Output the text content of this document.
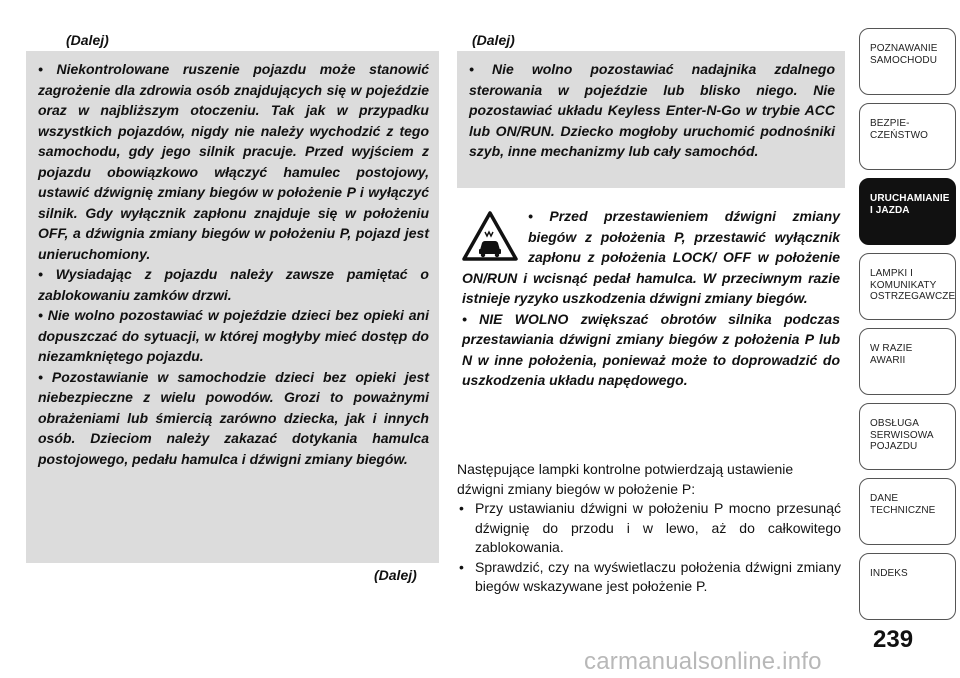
(Dalej)

• Niekontrolowane ruszenie pojazdu może stanowić zagrożenie dla zdrowia osób znajdujących się w pojeździe oraz w najbliższym otoczeniu. Tak jak w przypadku wszystkich pojazdów, nigdy nie należy wychodzić z tego samochodu, gdy jego silnik pracuje. Przed wyjściem z pojazdu obowiązkowo włączyć hamulec postojowy, ustawić dźwignię zmiany biegów w położenie P i wyłączyć silnik. Gdy wyłącznik zapłonu znajduje się w położeniu OFF, a dźwignia zmiany biegów w położeniu P, pojazd jest unieruchomiony.

• Wysiadając z pojazdu należy zawsze pamiętać o zablokowaniu zamków drzwi.

• Nie wolno pozostawiać w pojeździe dzieci bez opieki ani dopuszczać do sytuacji, w której mogłyby mieć dostęp do niezamkniętego pojazdu.

• Pozostawianie w samochodzie dzieci bez opieki jest niebezpieczne z wielu powodów. Grozi to poważnymi obrażeniami lub śmiercią zarówno dziecka, jak i innych osób. Dzieciom należy zakazać dotykania hamulca postojowego, pedału hamulca i dźwigni zmiany biegów.

(Dalej)
(Dalej)

• Nie wolno pozostawiać nadajnika zdalnego sterowania w pojeździe lub blisko niego. Nie pozostawiać układu Keyless Enter-N-Go w trybie ACC lub ON/RUN. Dziecko mogłoby uruchomić podnośniki szyb, inne mechanizmy lub cały samochód.

• Przed przestawieniem dźwigni zmiany biegów z położenia P, przestawić wyłącznik zapłonu z położenia LOCK/ OFF w położenie ON/RUN i wcisnąć pedał hamulca. W przeciwnym razie istnieje ryzyko uszkodzenia dźwigni zmiany biegów.

• NIE WOLNO zwiększać obrotów silnika podczas przestawiania dźwigni zmiany biegów z położenia P lub N w inne położenia, ponieważ może to doprowadzić do uszkodzenia układu napędowego.

Następujące lampki kontrolne potwierdzają ustawienie dźwigni zmiany biegów w położenie P:

• Przy ustawianiu dźwigni w położeniu P mocno przesunąć dźwignię do przodu i w lewo, aż do całkowitego zablokowania.
• Sprawdzić, czy na wyświetlaczu położenia dźwigni zmiany biegów wskazywane jest położenie P.
POZNAWANIE
SAMOCHODU
BEZPIE-
CZEŃSTWO
URUCHAMIANIE
I JAZDA
LAMPKI I
KOMUNIKATY
OSTRZEGAWCZE
W RAZIE
AWARII
OBSŁUGA
SERWISOWA
POJAZDU
DANE
TECHNICZNE
INDEKS
239
carmanualsonline.info
